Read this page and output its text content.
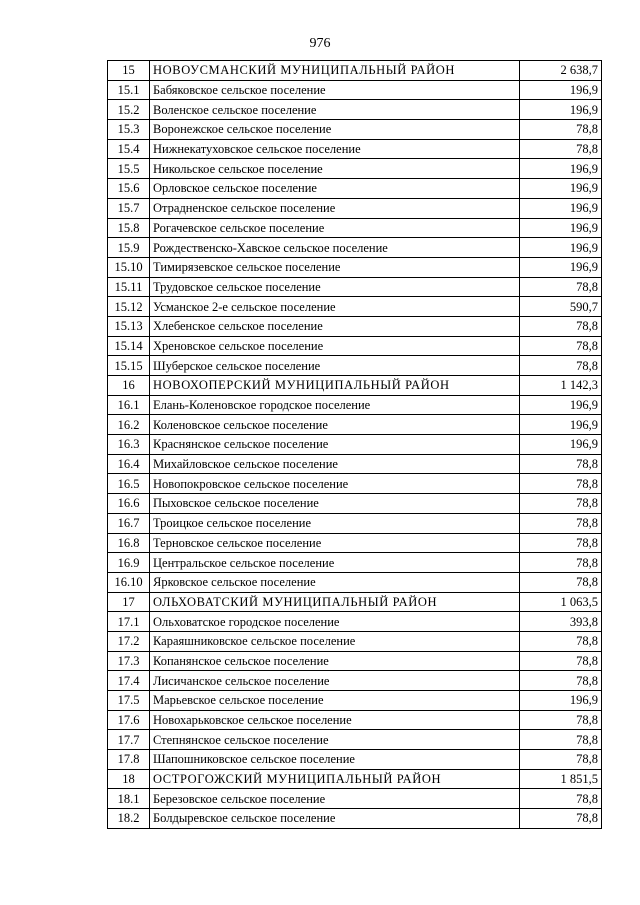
976
15	НОВОУСМАНСКИЙ МУНИЦИПАЛЬНЫЙ РАЙОН	2 638,7
15.1	Бабяковское сельское поселение	196,9
15.2	Воленское сельское поселение	196,9
15.3	Воронежское сельское поселение	78,8
15.4	Нижнекатуховское сельское поселение	78,8
15.5	Никольское сельское поселение	196,9
15.6	Орловское сельское поселение	196,9
15.7	Отрадненское сельское поселение	196,9
15.8	Рогачевское сельское поселение	196,9
15.9	Рождественско-Хавское сельское поселение	196,9
15.10	Тимирязевское сельское поселение	196,9
15.11	Трудовское сельское поселение	78,8
15.12	Усманское 2-е сельское поселение	590,7
15.13	Хлебенское сельское поселение	78,8
15.14	Хреновское сельское поселение	78,8
15.15	Шуберское сельское поселение	78,8
16	НОВОХОПЕРСКИЙ МУНИЦИПАЛЬНЫЙ РАЙОН	1 142,3
16.1	Елань-Коленовское городское поселение	196,9
16.2	Коленовское сельское поселение	196,9
16.3	Краснянское сельское поселение	196,9
16.4	Михайловское сельское поселение	78,8
16.5	Новопокровское сельское поселение	78,8
16.6	Пыховское сельское поселение	78,8
16.7	Троицкое сельское поселение	78,8
16.8	Терновское сельское поселение	78,8
16.9	Центральское сельское поселение	78,8
16.10	Ярковское сельское поселение	78,8
17	ОЛЬХОВАТСКИЙ МУНИЦИПАЛЬНЫЙ РАЙОН	1 063,5
17.1	Ольховатское городское поселение	393,8
17.2	Караяшниковское сельское поселение	78,8
17.3	Копанянское сельское поселение	78,8
17.4	Лисичанское сельское поселение	78,8
17.5	Марьевское сельское поселение	196,9
17.6	Новохарьковское сельское поселение	78,8
17.7	Степнянское сельское поселение	78,8
17.8	Шапошниковское сельское поселение	78,8
18	ОСТРОГОЖСКИЙ МУНИЦИПАЛЬНЫЙ РАЙОН	1 851,5
18.1	Березовское сельское поселение	78,8
18.2	Болдыревское сельское поселение	78,8
